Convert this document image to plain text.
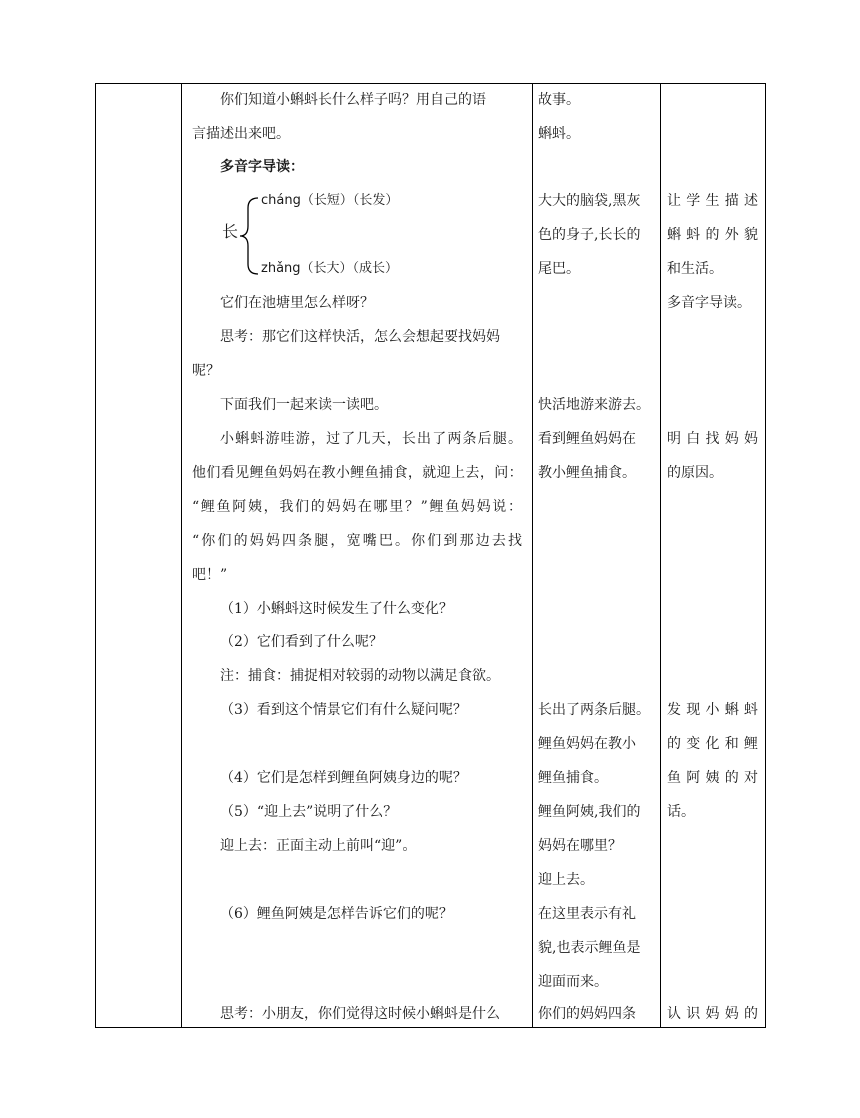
你们知道小蝌蚪长什么样子吗？用自己的语
言描述出来吧。
多音字导读：
长
cháng（长短）（长发）
zhǎng（长大）（成长）
它们在池塘里怎么样呀？
思考：那它们这样快活，怎么会想起要找妈妈
呢？
下面我们一起来读一读吧。
小蝌蚪游哇游，过了几天，长出了两条后腿。
他们看见鲤鱼妈妈在教小鲤鱼捕食，就迎上去，问：
“鲤鱼阿姨，我们的妈妈在哪里？”鲤鱼妈妈说：
“你们的妈妈四条腿，宽嘴巴。你们到那边去找
吧！”
（1）小蝌蚪这时候发生了什么变化？
（2）它们看到了什么呢？
注：捕食：捕捉相对较弱的动物以满足食欲。
（3）看到这个情景它们有什么疑问呢？
（4）它们是怎样到鲤鱼阿姨身边的呢？
（5）“迎上去”说明了什么？
迎上去：正面主动上前叫“迎”。
（6）鲤鱼阿姨是怎样告诉它们的呢？
思考：小朋友，你们觉得这时候小蝌蚪是什么
故事。
蝌蚪。
大大的脑袋,黑灰
色的身子,长长的
尾巴。
快活地游来游去。
看到鲤鱼妈妈在
教小鲤鱼捕食。
长出了两条后腿。
鲤鱼妈妈在教小
鲤鱼捕食。
鲤鱼阿姨,我们的
妈妈在哪里？
迎上去。
在这里表示有礼
貌,也表示鲤鱼是
迎面而来。
你们的妈妈四条
让学生描述
蝌蚪的外貌
和生活。
多音字导读。
明白找妈妈
的原因。
发现小蝌蚪
的变化和鲤
鱼阿姨的对
话。
认识妈妈的
